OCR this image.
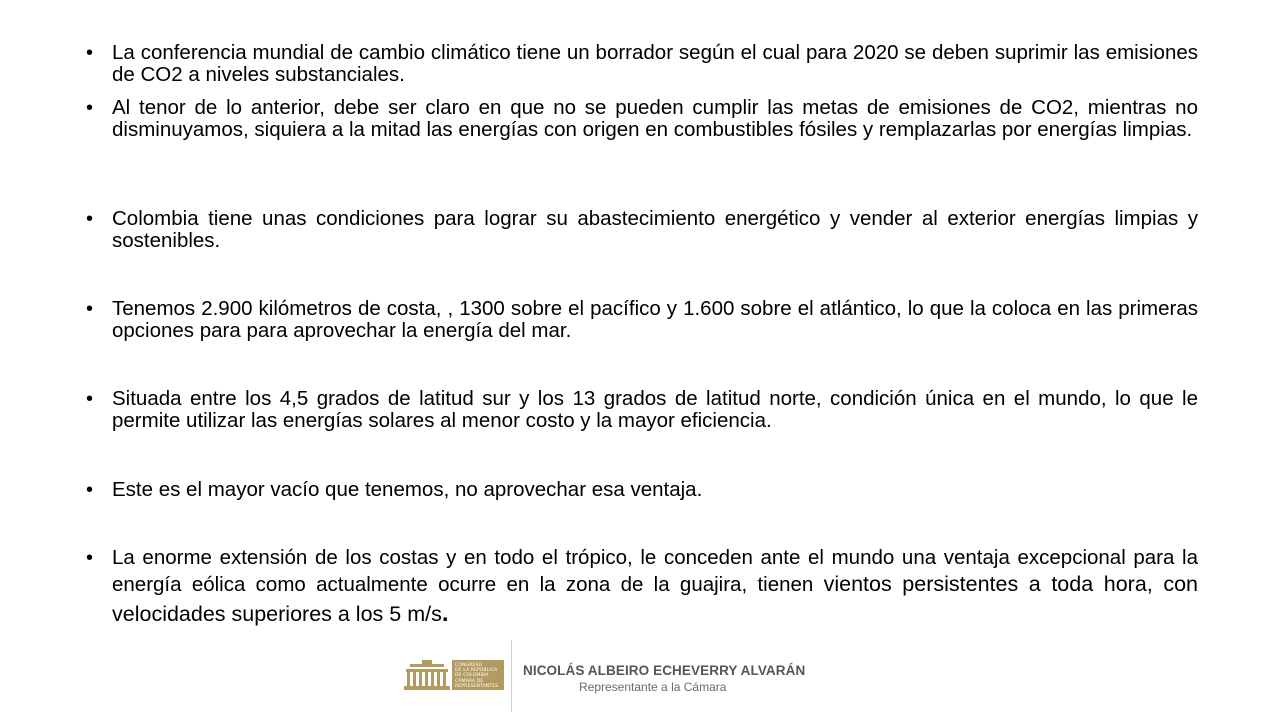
• La conferencia mundial de cambio climático tiene un borrador según el cual para 2020 se deben suprimir las emisiones de CO2 a niveles substanciales.
• Al tenor de lo anterior, debe ser claro en que no se pueden cumplir las metas de emisiones de CO2, mientras no disminuyamos, siquiera a la mitad las energías con origen en combustibles fósiles y remplazarlas por energías limpias.
• Colombia tiene unas condiciones para lograr su abastecimiento energético y vender al exterior energías limpias y sostenibles.
• Tenemos 2.900 kilómetros de costa, , 1300 sobre el pacífico y 1.600 sobre el atlántico, lo que la coloca en las primeras opciones para para aprovechar la energía del mar.
• Situada entre los 4,5 grados de latitud sur y los 13 grados de latitud norte, condición única en el mundo, lo que le permite utilizar las energías solares al menor costo y la mayor eficiencia.
• Este es el mayor vacío que tenemos, no aprovechar esa ventaja.
• La enorme extensión de los costas y en todo el trópico, le conceden ante el mundo una ventaja excepcional para la energía eólica como actualmente ocurre en la zona de la guajira, tienen vientos persistentes a toda hora, con velocidades superiores a los 5 m/s.
CONGRESO
DE LA REPÚBLICA
DE COLOMBIA
CÁMARA DE REPRESENTANTES
NICOLÁS ALBEIRO ECHEVERRY ALVARÁN
Representante a la Cámara
